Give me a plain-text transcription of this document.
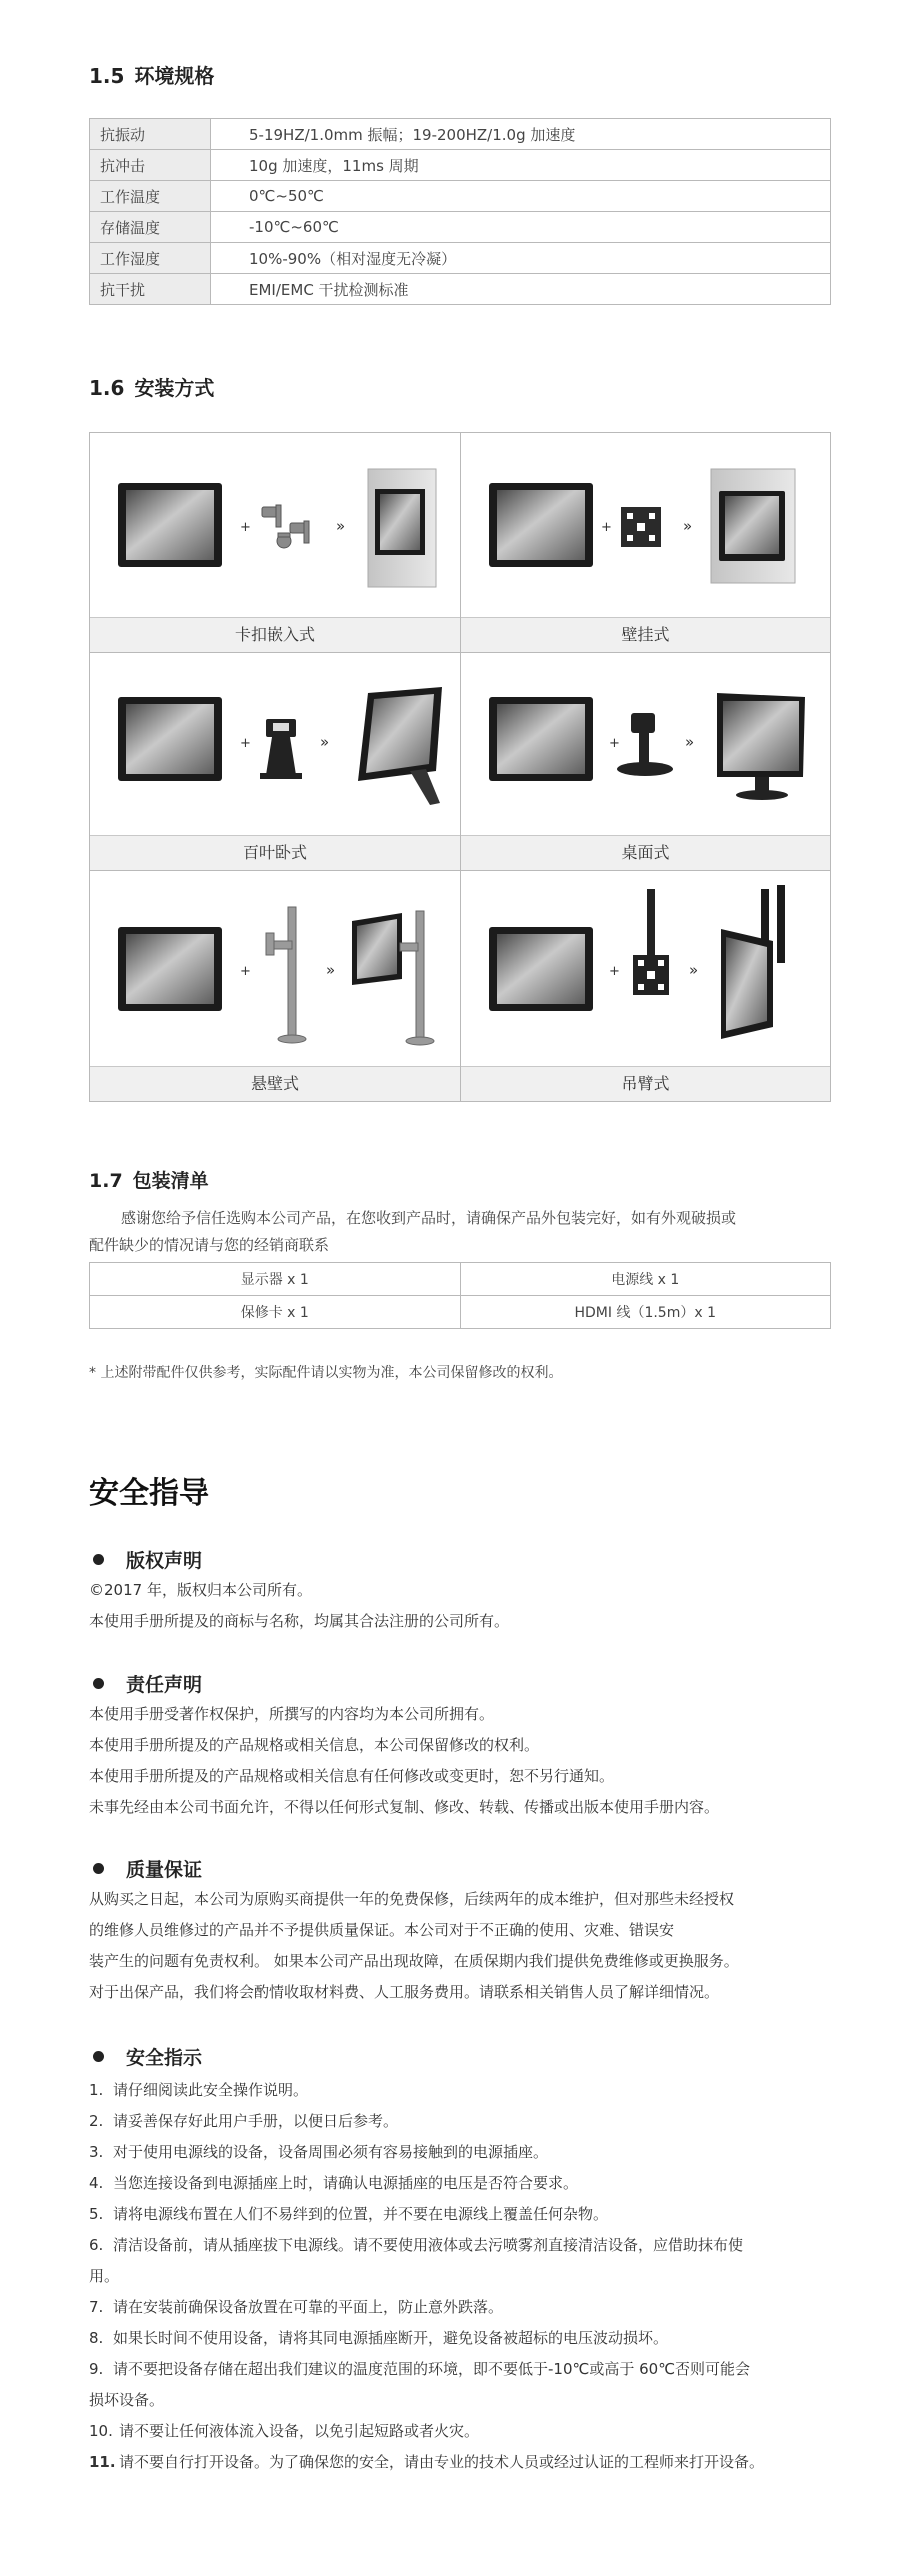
1.5 环境规格
抗振动	5-19HZ/1.0mm 振幅；19-200HZ/1.0g 加速度
抗冲击	10g 加速度，11ms 周期
工作温度	0℃~50℃
存储温度	-10℃~60℃
工作湿度	10%-90%（相对湿度无冷凝）
抗干扰	EMI/EMC 干扰检测标准
1.6 安装方式
+	»
卡扣嵌入式
+	»
壁挂式
+	»
百叶卧式
+	»
桌面式
+	»
悬壁式
+	»
吊臂式
1.7 包装清单

感谢您给予信任选购本公司产品，在您收到产品时，请确保产品外包装完好，如有外观破损或

配件缺少的情况请与您的经销商联系

显示器 x 1	电源线 x 1
保修卡 x 1	HDMI 线（1.5m）x 1

* 上述附带配件仅供参考，实际配件请以实物为准，本公司保留修改的权利。

安全指导
版权声明
©2017 年，版权归本公司所有。
本使用手册所提及的商标与名称，均属其合法注册的公司所有。
责任声明
本使用手册受著作权保护，所撰写的内容均为本公司所拥有。
本使用手册所提及的产品规格或相关信息，本公司保留修改的权利。
本使用手册所提及的产品规格或相关信息有任何修改或变更时，恕不另行通知。
未事先经由本公司书面允许，不得以任何形式复制、修改、转载、传播或出版本使用手册内容。
质量保证
从购买之日起，本公司为原购买商提供一年的免费保修，后续两年的成本维护，但对那些未经授权
的维修人员维修过的产品并不予提供质量保证。本公司对于不正确的使用、灾难、错误安
装产生的问题有免责权利。 如果本公司产品出现故障，在质保期内我们提供免费维修或更换服务。
对于出保产品，我们将会酌情收取材料费、人工服务费用。请联系相关销售人员了解详细情况。
安全指示
1. 请仔细阅读此安全操作说明。
2. 请妥善保存好此用户手册，以便日后参考。
3. 对于使用电源线的设备，设备周围必须有容易接触到的电源插座。
4. 当您连接设备到电源插座上时，请确认电源插座的电压是否符合要求。
5. 请将电源线布置在人们不易绊到的位置，并不要在电源线上覆盖任何杂物。
6. 清洁设备前，请从插座拔下电源线。请不要使用液体或去污喷雾剂直接清洁设备，应借助抹布使
用。
7. 请在安装前确保设备放置在可靠的平面上，防止意外跌落。
8. 如果长时间不使用设备，请将其同电源插座断开，避免设备被超标的电压波动损坏。
9. 请不要把设备存储在超出我们建议的温度范围的环境，即不要低于-10℃或高于 60℃否则可能会
损坏设备。
10. 请不要让任何液体流入设备，以免引起短路或者火灾。
11. 请不要自行打开设备。为了确保您的安全，请由专业的技术人员或经过认证的工程师来打开设备。
